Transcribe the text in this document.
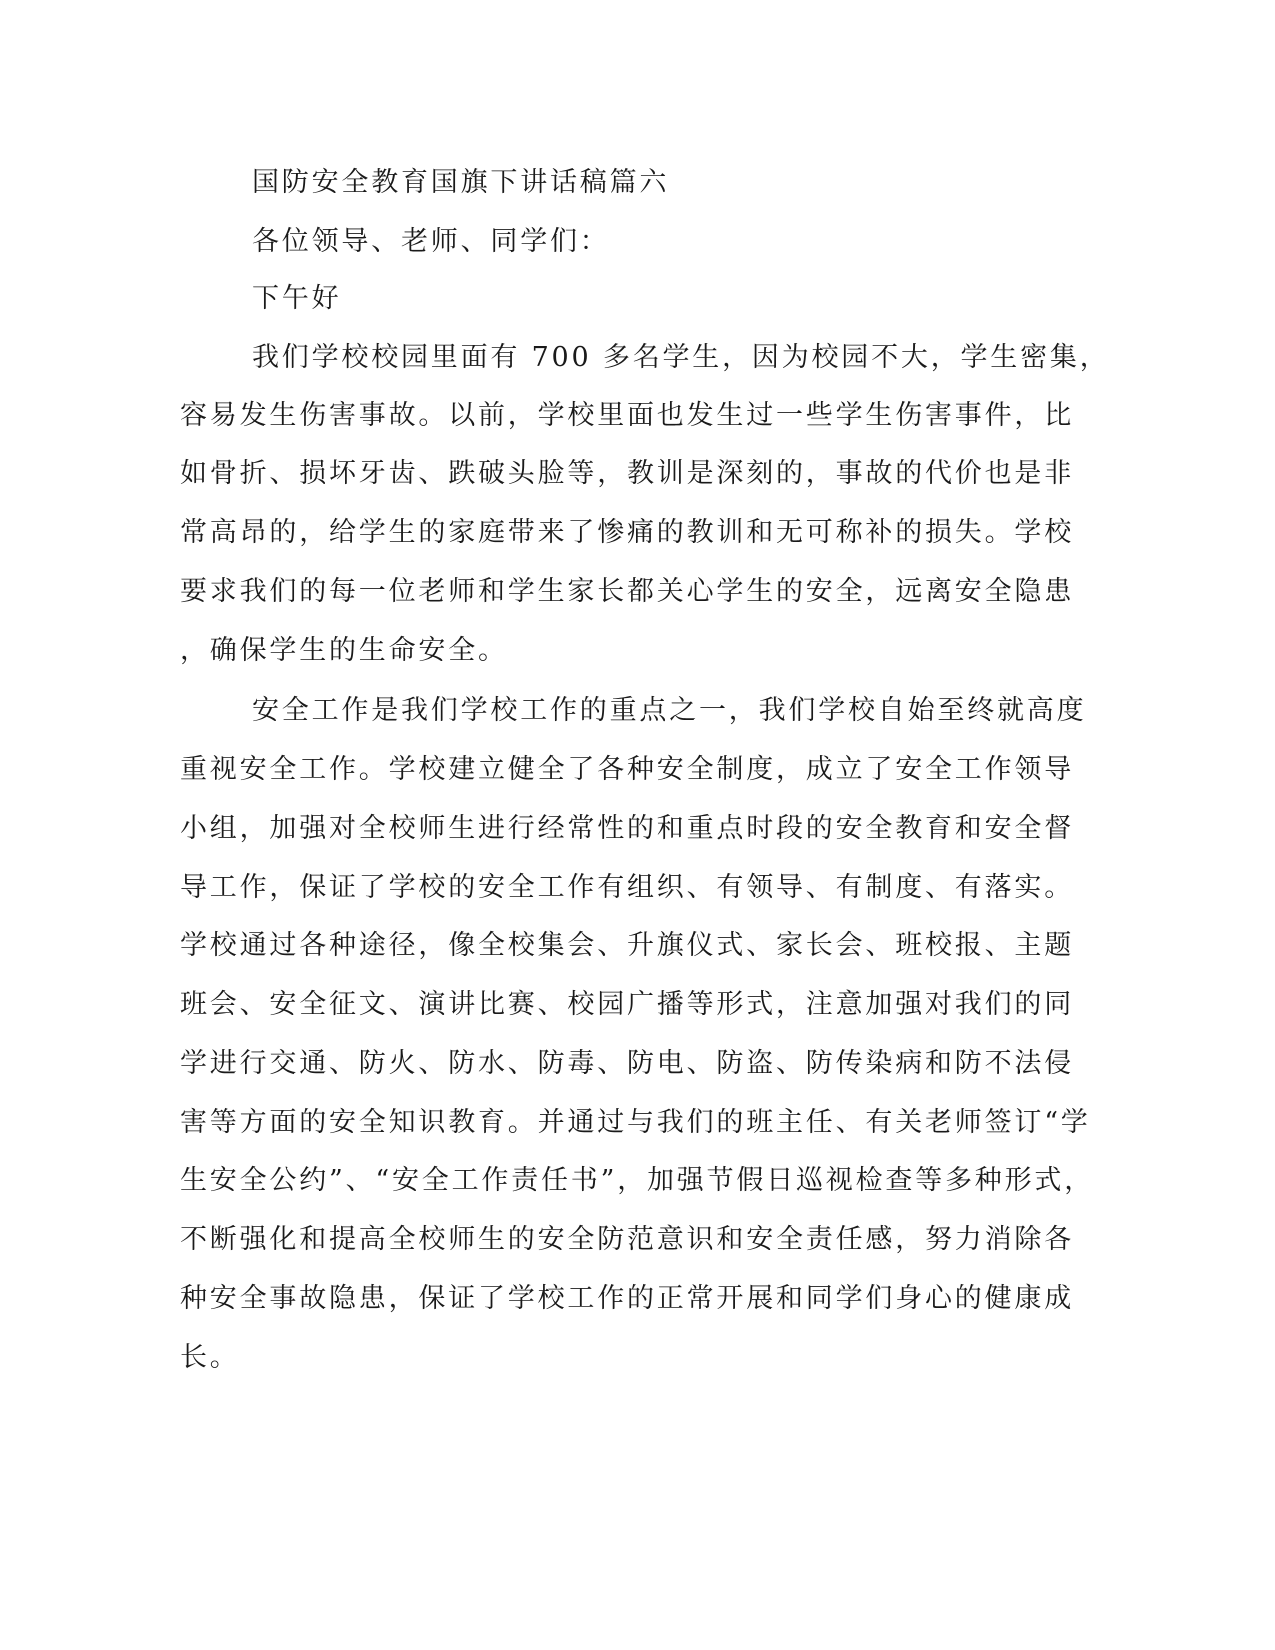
国防安全教育国旗下讲话稿篇六
各位领导、老师、同学们：
下午好
我们学校校园里面有 700 多名学生，因为校园不大，学生密集，
容易发生伤害事故。以前，学校里面也发生过一些学生伤害事件，比
如骨折、损坏牙齿、跌破头脸等，教训是深刻的，事故的代价也是非
常高昂的，给学生的家庭带来了惨痛的教训和无可称补的损失。学校
要求我们的每一位老师和学生家长都关心学生的安全，远离安全隐患
，确保学生的生命安全。
安全工作是我们学校工作的重点之一，我们学校自始至终就高度
重视安全工作。学校建立健全了各种安全制度，成立了安全工作领导
小组，加强对全校师生进行经常性的和重点时段的安全教育和安全督
导工作，保证了学校的安全工作有组织、有领导、有制度、有落实。
学校通过各种途径，像全校集会、升旗仪式、家长会、班校报、主题
班会、安全征文、演讲比赛、校园广播等形式，注意加强对我们的同
学进行交通、防火、防水、防毒、防电、防盗、防传染病和防不法侵
害等方面的安全知识教育。并通过与我们的班主任、有关老师签订“学
生安全公约”、“安全工作责任书”，加强节假日巡视检查等多种形式，
不断强化和提高全校师生的安全防范意识和安全责任感，努力消除各
种安全事故隐患，保证了学校工作的正常开展和同学们身心的健康成
长。
